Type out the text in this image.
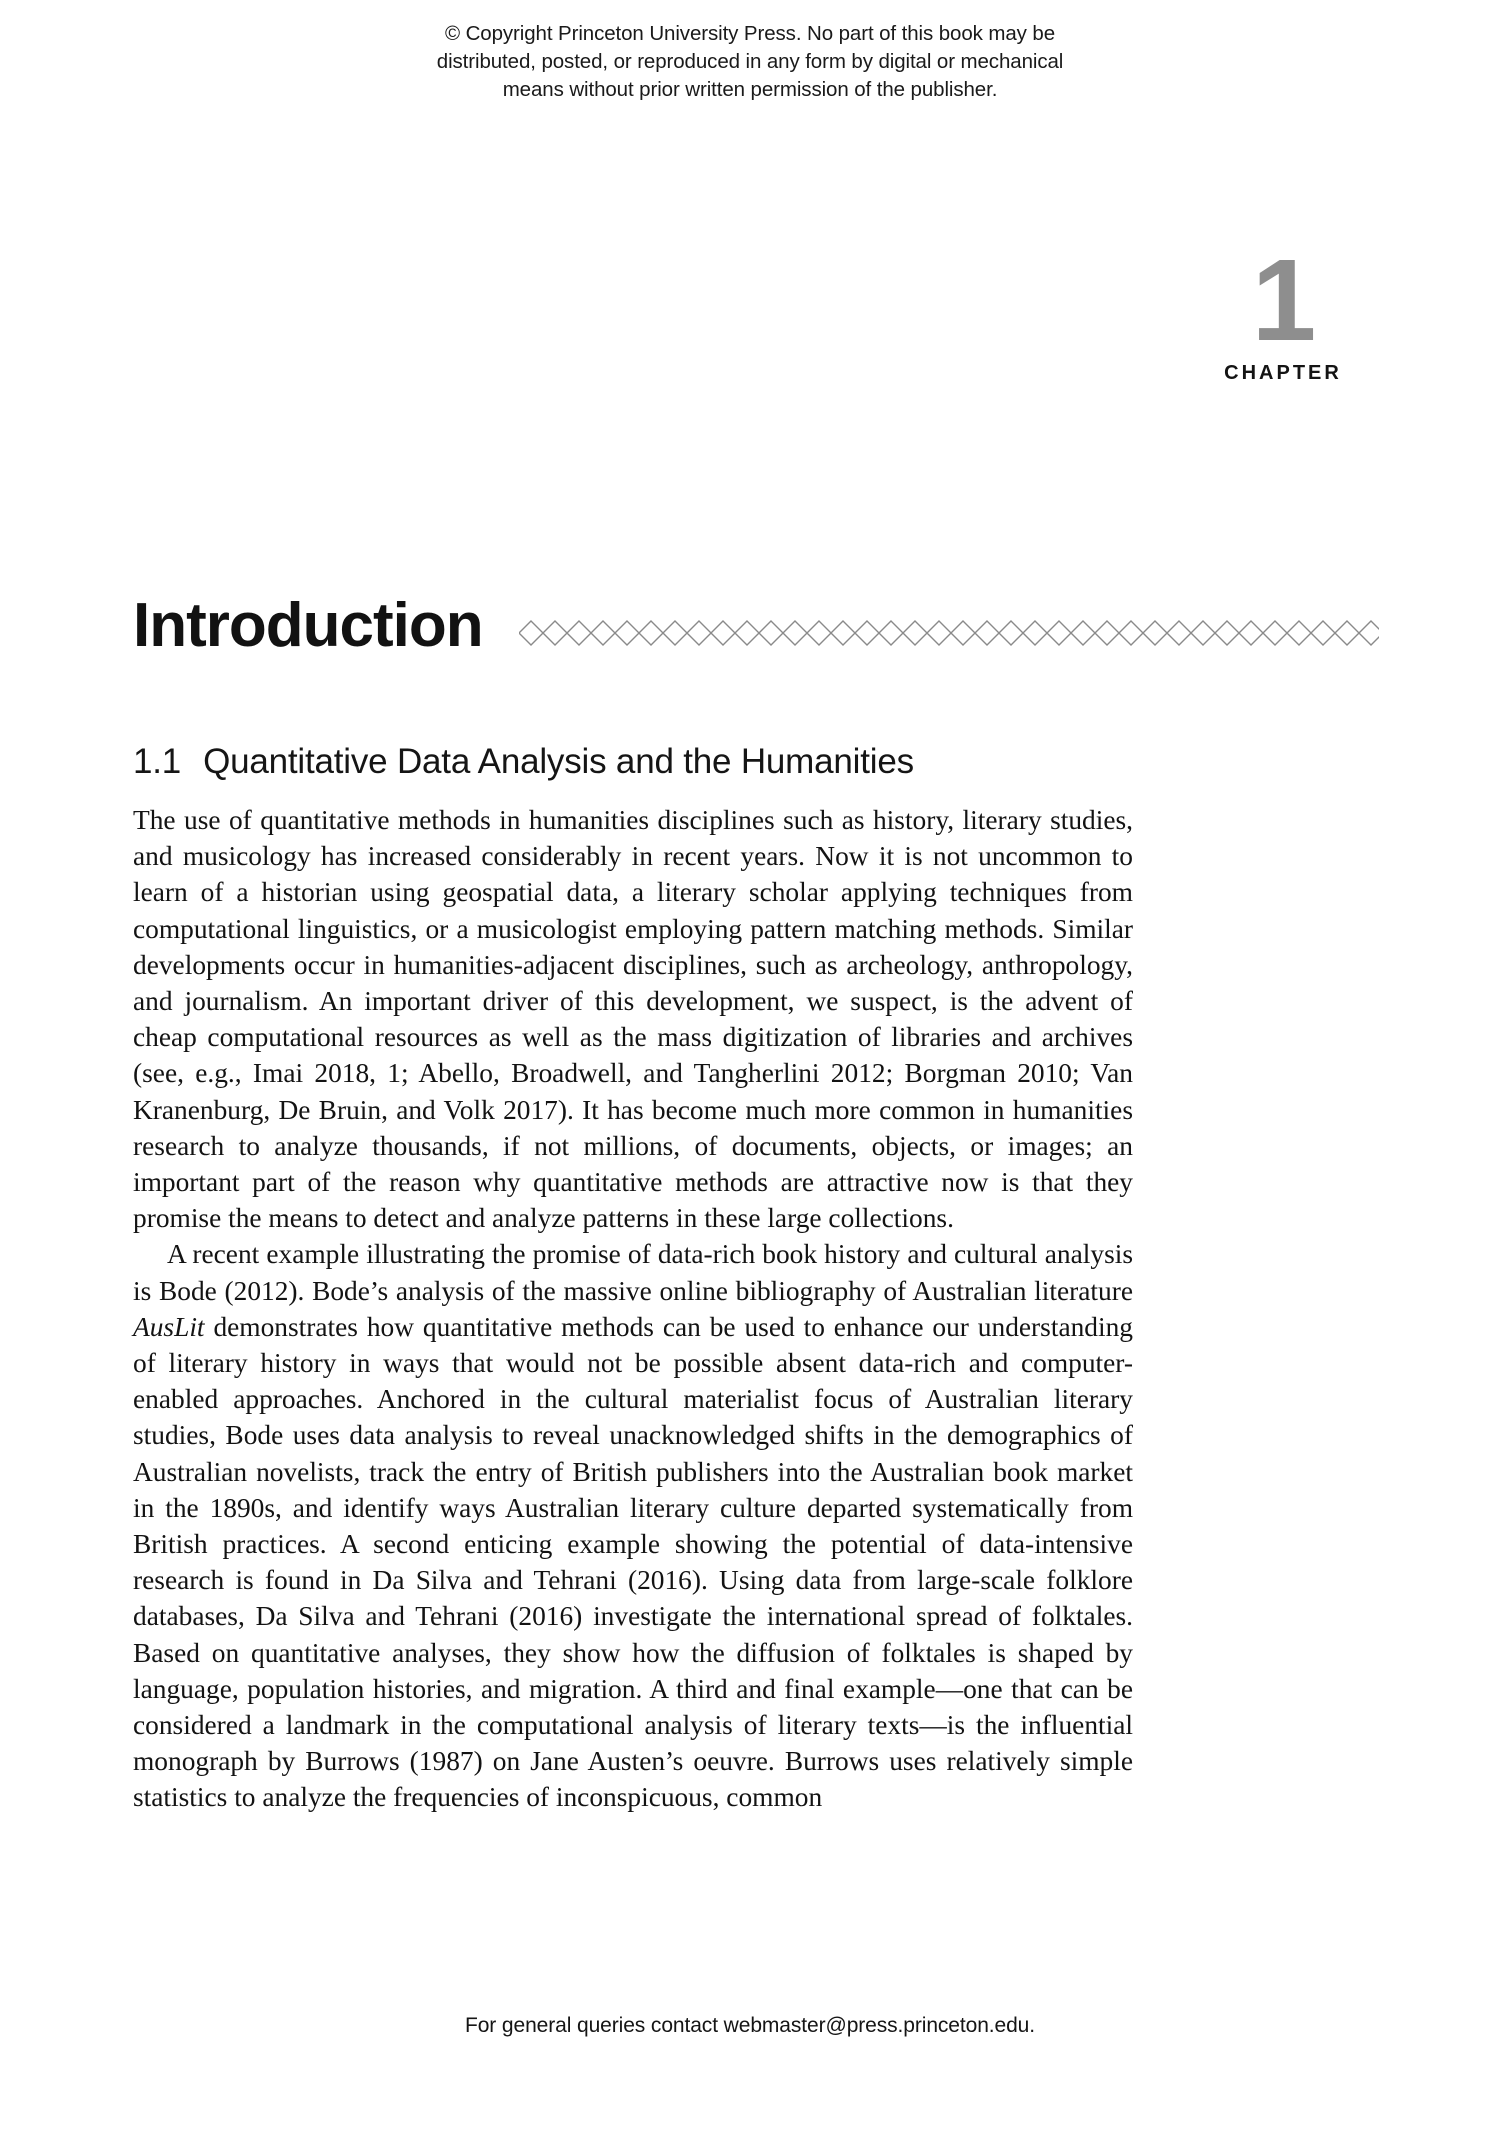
© Copyright Princeton University Press. No part of this book may be
distributed, posted, or reproduced in any form by digital or mechanical
means without prior written permission of the publisher.
1
CHAPTER
Introduction
1.1 Quantitative Data Analysis and the Humanities

The use of quantitative methods in humanities disciplines such as history, literary studies, and musicology has increased considerably in recent years. Now it is not uncommon to learn of a historian using geospatial data, a literary scholar applying techniques from computational linguistics, or a musicologist employing pattern matching methods. Similar developments occur in humanities-adjacent disciplines, such as archeology, anthropology, and journalism. An important driver of this development, we suspect, is the advent of cheap computational resources as well as the mass digitization of libraries and archives (see, e.g., Imai 2018, 1; Abello, Broadwell, and Tangherlini 2012; Borgman 2010; Van Kranenburg, De Bruin, and Volk 2017). It has become much more common in humanities research to analyze thousands, if not millions, of documents, objects, or images; an important part of the reason why quantitative methods are attractive now is that they promise the means to detect and analyze patterns in these large collections.

A recent example illustrating the promise of data-rich book history and cultural analysis is Bode (2012). Bode’s analysis of the massive online bibliography of Australian literature AusLit demonstrates how quantitative methods can be used to enhance our understanding of literary history in ways that would not be possible absent data-rich and computer-enabled approaches. Anchored in the cultural materialist focus of Australian literary studies, Bode uses data analysis to reveal unacknowledged shifts in the demographics of Australian novelists, track the entry of British publishers into the Australian book market in the 1890s, and identify ways Australian literary culture departed systematically from British practices. A second enticing example showing the potential of data-intensive research is found in Da Silva and Tehrani (2016). Using data from large-scale folklore databases, Da Silva and Tehrani (2016) investigate the international spread of folktales. Based on quantitative analyses, they show how the diffusion of folktales is shaped by language, population histories, and migration. A third and final example—one that can be considered a landmark in the computational analysis of literary texts—is the influential monograph by Burrows (1987) on Jane Austen’s oeuvre. Burrows uses relatively simple statistics to analyze the frequencies of inconspicuous, common

For general queries contact webmaster@press.princeton.edu.
